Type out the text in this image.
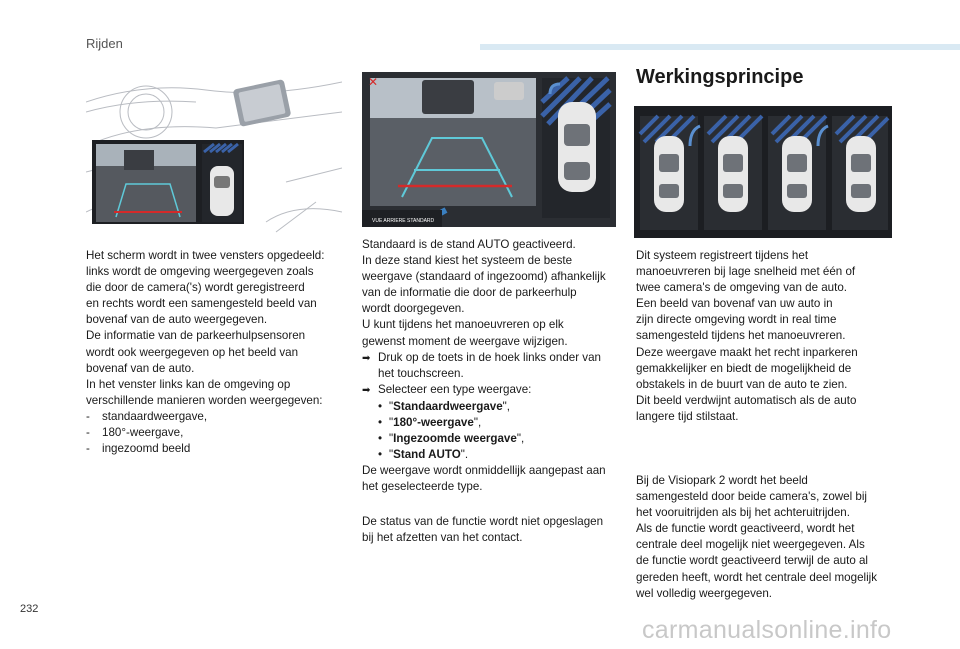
Rijden
✕
VUE ARRIERE STANDARD

Het scherm wordt in twee vensters opgedeeld:

links wordt de omgeving weergegeven zoals

die door de camera('s) wordt geregistreerd

en rechts wordt een samengesteld beeld van

bovenaf van de auto weergegeven.

De informatie van de parkeerhulpsensoren

wordt ook weergegeven op het beeld van

bovenaf van de auto.

In het venster links kan de omgeving op

verschillende manieren worden weergegeven:

-	standaardweergave,
-	180°-weergave,
-	ingezoomd beeld

Standaard is de stand AUTO geactiveerd.

In deze stand kiest het systeem de beste

weergave (standaard of ingezoomd) afhankelijk

van de informatie die door de parkeerhulp

wordt doorgegeven.

U kunt tijdens het manoeuvreren op elk

gewenst moment de weergave wijzigen.

➡ Druk op de toets in de hoek links onder van
het touchscreen.
➡ Selecteer een type weergave:
• "Standaardweergave",
• "180°-weergave",
• "Ingezoomde weergave",
• "Stand AUTO".

De weergave wordt onmiddellijk aangepast aan

het geselecteerde type.

De status van de functie wordt niet opgeslagen

bij het afzetten van het contact.

Werkingsprincipe

Dit systeem registreert tijdens het

manoeuvreren bij lage snelheid met één of

twee camera's de omgeving van de auto.

Een beeld van bovenaf van uw auto in

zijn directe omgeving wordt in real time

samengesteld tijdens het manoeuvreren.

Deze weergave maakt het recht inparkeren

gemakkelijker en biedt de mogelijkheid de

obstakels in de buurt van de auto te zien.

Dit beeld verdwijnt automatisch als de auto

langere tijd stilstaat.

Bij de Visiopark 2 wordt het beeld

samengesteld door beide camera's, zowel bij

het vooruitrijden als bij het achteruitrijden.

Als de functie wordt geactiveerd, wordt het

centrale deel mogelijk niet weergegeven. Als

de functie wordt geactiveerd terwijl de auto al

gereden heeft, wordt het centrale deel mogelijk

wel volledig weergegeven.

232
carmanualsonline.info
